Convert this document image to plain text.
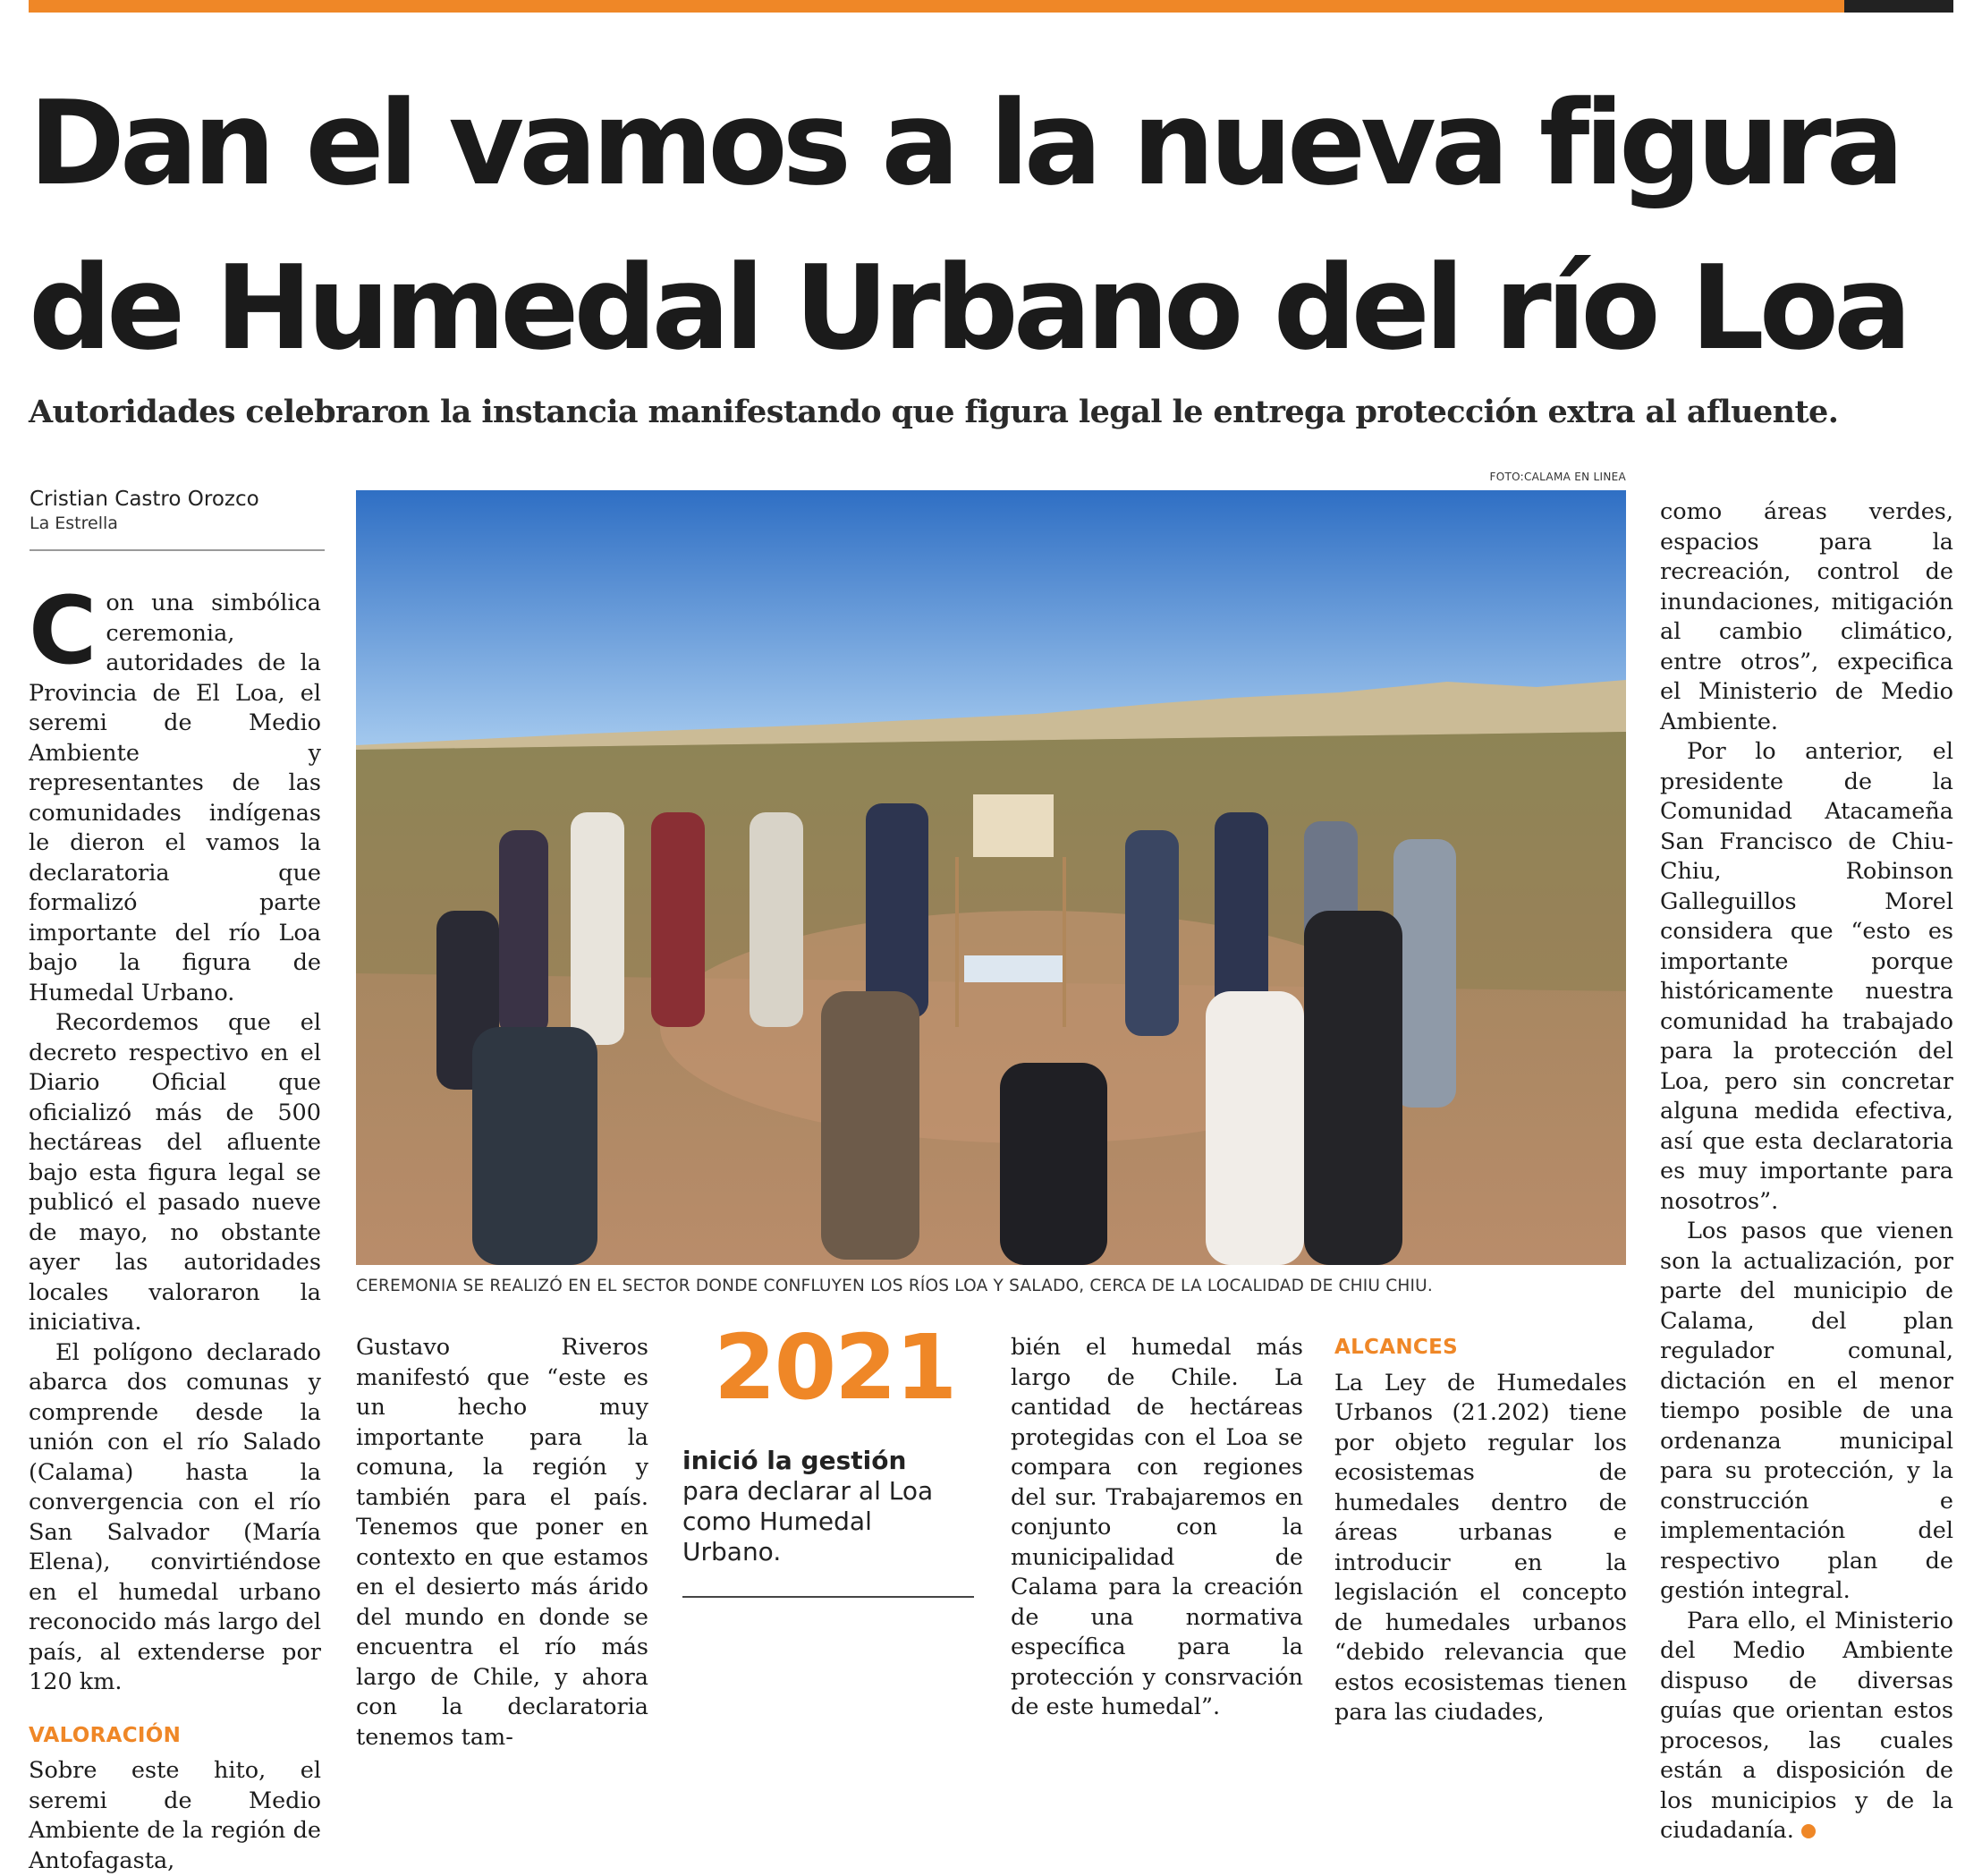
Dan el vamos a la nueva figura
de Humedal Urbano del río Loa

Autoridades celebraron la instancia manifestando que figura legal le entrega protección extra al afluente.

Cristian Castro Orozco
La Estrella

Con una simbólica ceremonia, autoridades de la Provincia de El Loa, el seremi de Medio Ambiente y representantes de las comunidades indígenas le dieron el vamos la declaratoria que formalizó parte importante del río Loa bajo la figura de Humedal Urbano.

Recordemos que el decreto respectivo en el Diario Oficial que oficializó más de 500 hectáreas del afluente bajo esta figura legal se publicó el pasado nueve de mayo, no obstante ayer las autoridades locales valoraron la iniciativa.

El polígono declarado abarca dos comunas y comprende desde la unión con el río Salado (Calama) hasta la convergencia con el río San Salvador (María Elena), convirtiéndose en el humedal urbano reconocido más largo del país, al extenderse por 120 km.

VALORACIÓN

Sobre este hito, el seremi de Medio Ambiente de la región de Antofagasta,

FOTO:CALAMA EN LINEA
CEREMONIA SE REALIZÓ EN EL SECTOR DONDE CONFLUYEN LOS RÍOS LOA Y SALADO, CERCA DE LA LOCALIDAD DE CHIU CHIU.

Gustavo Riveros manifestó que “este es un hecho muy importante para la comuna, la región y también para el país. Tenemos que poner en contexto en que estamos en el desierto más árido del mundo en donde se encuentra el río más largo de Chile, y ahora con la declaratoria tenemos tam-

2021
inició la gestión para declarar al Loa como Humedal Urbano.

bién el humedal más largo de Chile. La cantidad de hectáreas protegidas con el Loa se compara con regiones del sur. Trabajaremos en conjunto con la municipalidad de Calama para la creación de una normativa específica para la protección y consrvación de este humedal”.

ALCANCES

La Ley de Humedales Urbanos (21.202) tiene por objeto regular los ecosistemas de humedales dentro de áreas urbanas e introducir en la legislación el concepto de humedales urbanos “debido relevancia que estos ecosistemas tienen para las ciudades,

como áreas verdes, espacios para la recreación, control de inundaciones, mitigación al cambio climático, entre otros”, expecifica el Ministerio de Medio Ambiente.

Por lo anterior, el presidente de la Comunidad Atacameña San Francisco de Chiu-Chiu, Robinson Galleguillos Morel considera que “esto es importante porque históricamente nuestra comunidad ha trabajado para la protección del Loa, pero sin concretar alguna medida efectiva, así que esta declaratoria es muy importante para nosotros”.

Los pasos que vienen son la actualización, por parte del municipio de Calama, del plan regulador comunal, dictación en el menor tiempo posible de una ordenanza municipal para su protección, y la construcción e implementación del respectivo plan de gestión integral.

Para ello, el Ministerio del Medio Ambiente dispuso de diversas guías que orientan estos procesos, las cuales están a disposición de los municipios y de la ciudadanía.	+
